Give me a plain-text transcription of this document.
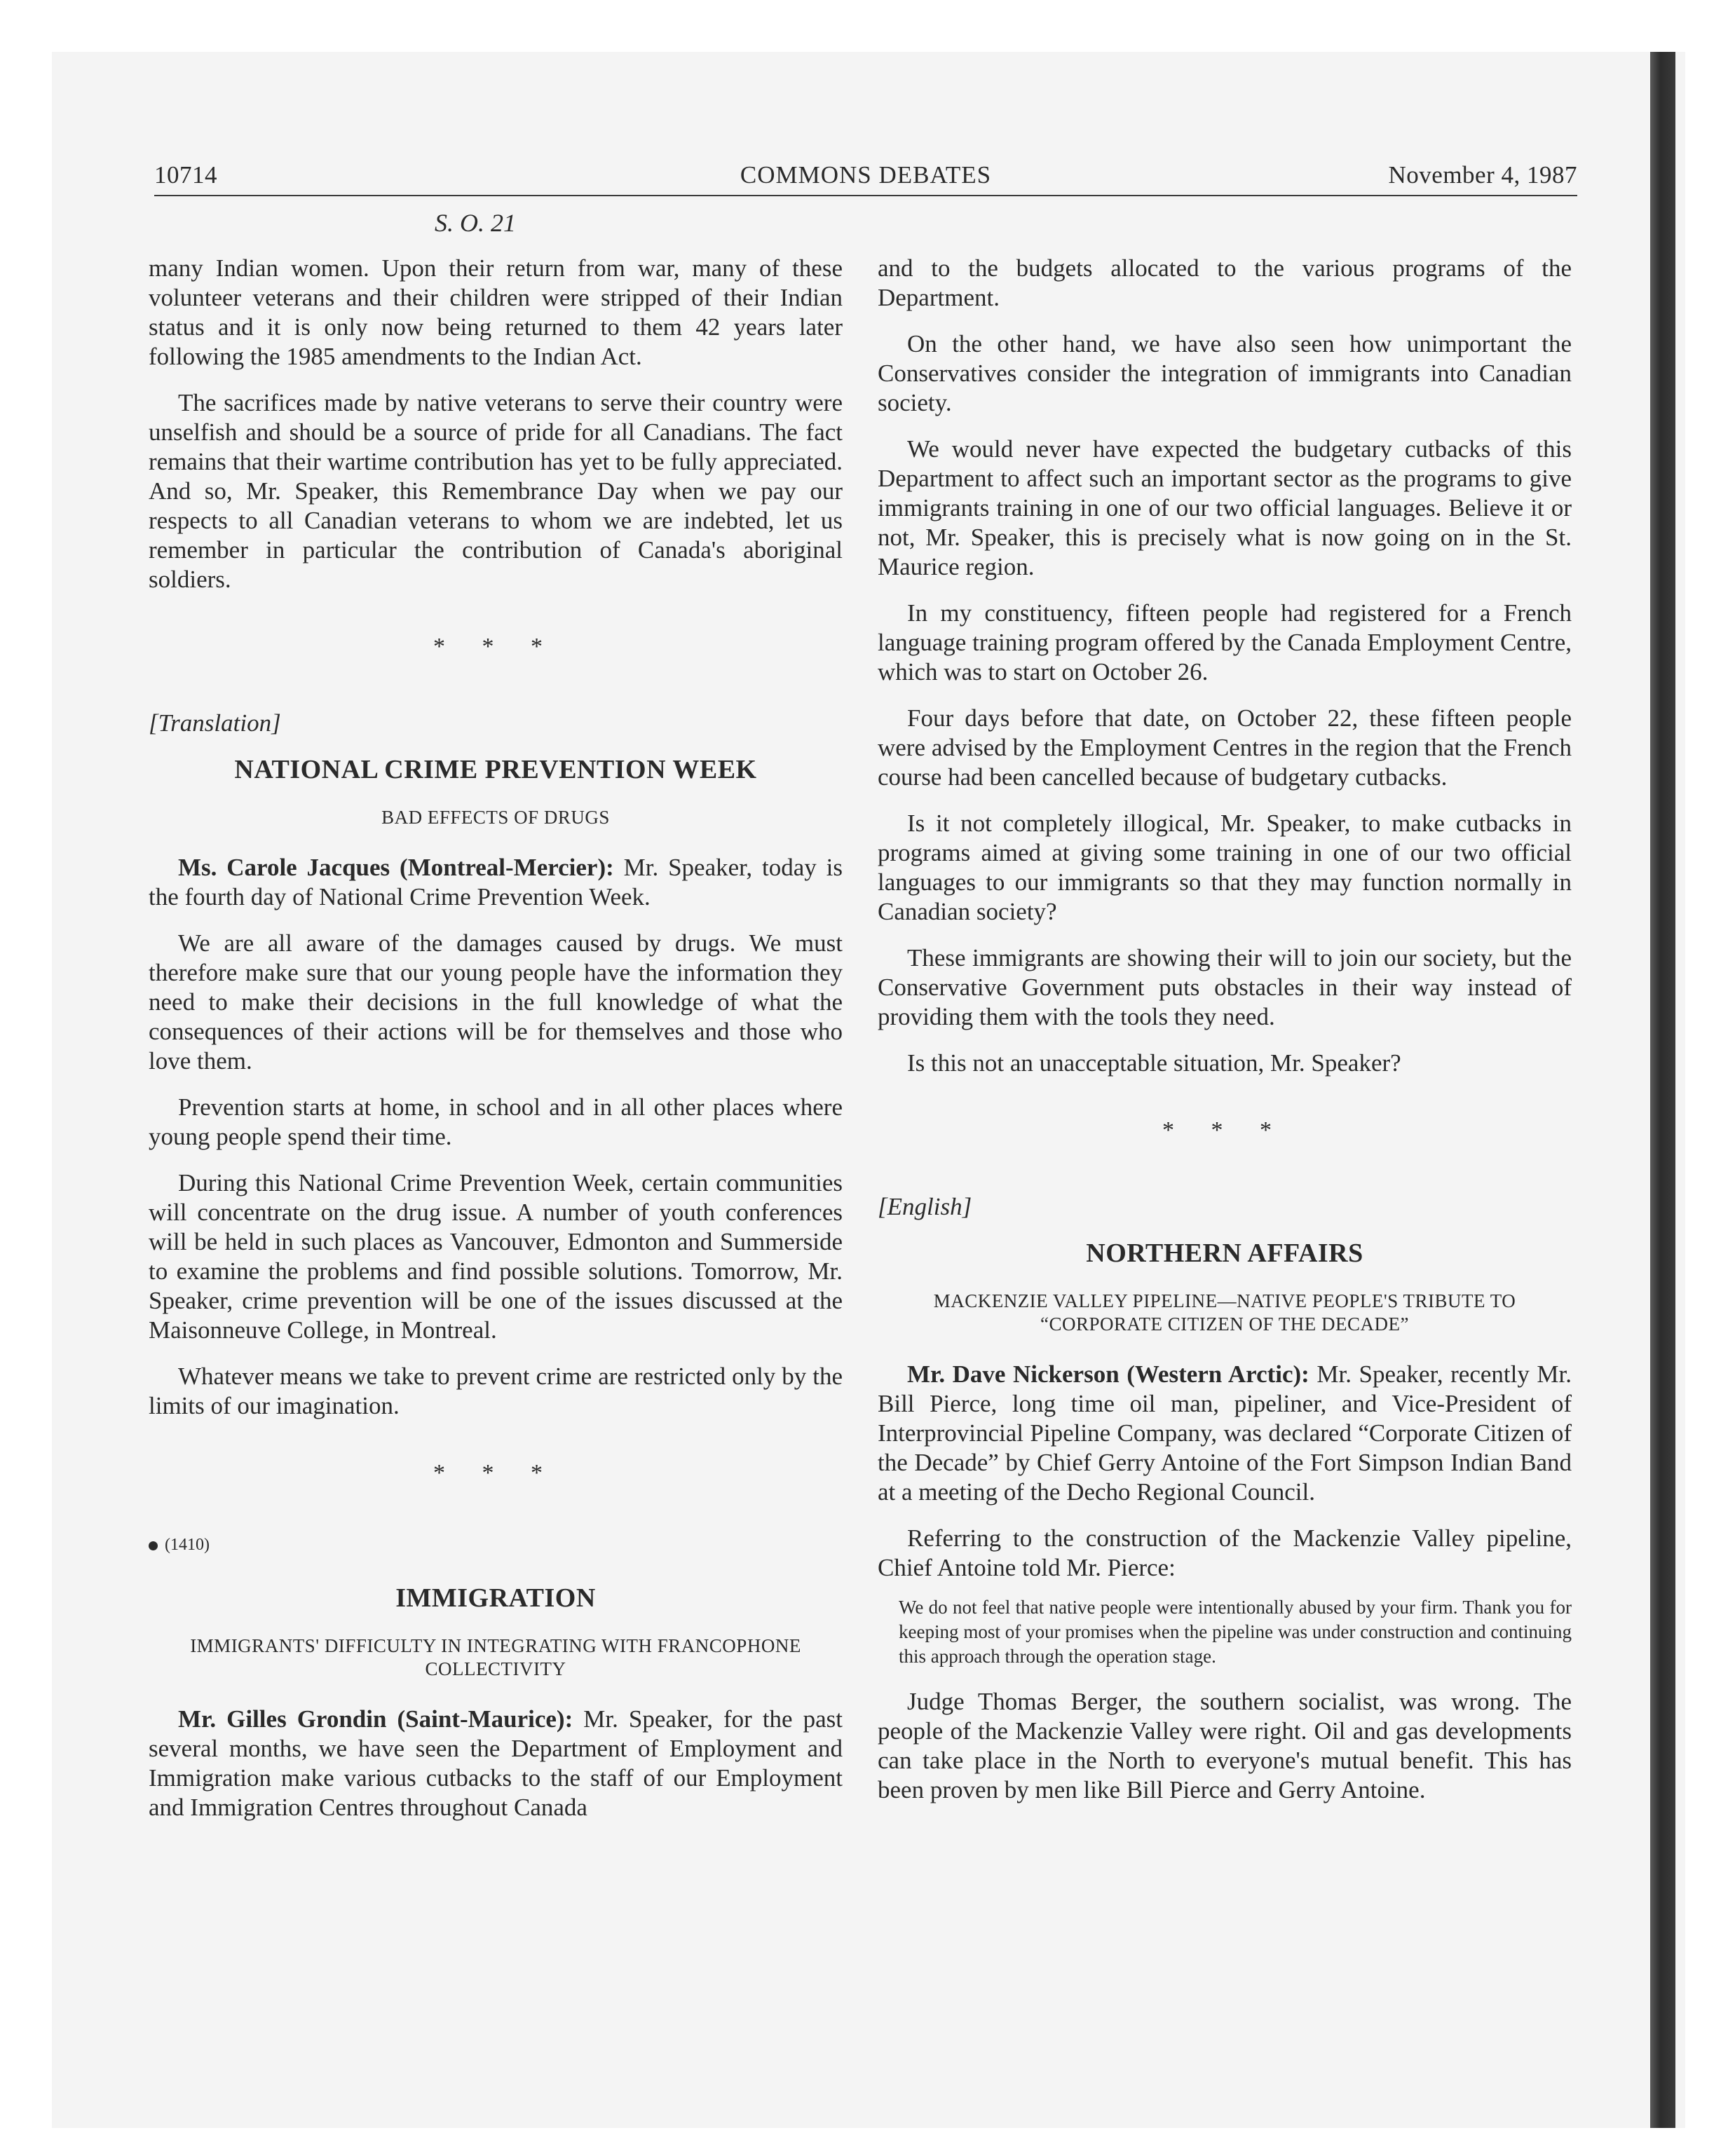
10714	COMMONS DEBATES	November 4, 1987
S. O. 21

many Indian women. Upon their return from war, many of these volunteer veterans and their children were stripped of their Indian status and it is only now being returned to them 42 years later following the 1985 amendments to the Indian Act.

The sacrifices made by native veterans to serve their country were unselfish and should be a source of pride for all Canadians. The fact remains that their wartime contribution has yet to be fully appreciated. And so, Mr. Speaker, this Remembrance Day when we pay our respects to all Canadian veterans to whom we are indebted, let us remember in particular the contribution of Canada's aboriginal soldiers.

* * *
[Translation]
NATIONAL CRIME PREVENTION WEEK
BAD EFFECTS OF DRUGS

Ms. Carole Jacques (Montreal-Mercier): Mr. Speaker, today is the fourth day of National Crime Prevention Week.

We are all aware of the damages caused by drugs. We must therefore make sure that our young people have the information they need to make their decisions in the full knowledge of what the consequences of their actions will be for themselves and those who love them.

Prevention starts at home, in school and in all other places where young people spend their time.

During this National Crime Prevention Week, certain communities will concentrate on the drug issue. A number of youth conferences will be held in such places as Vancouver, Edmonton and Summerside to examine the problems and find possible solutions. Tomorrow, Mr. Speaker, crime prevention will be one of the issues discussed at the Maisonneuve College, in Montreal.

Whatever means we take to prevent crime are restricted only by the limits of our imagination.

* * *
(1410)
IMMIGRATION
IMMIGRANTS' DIFFICULTY IN INTEGRATING WITH FRANCOPHONE COLLECTIVITY

Mr. Gilles Grondin (Saint-Maurice): Mr. Speaker, for the past several months, we have seen the Department of Employment and Immigration make various cutbacks to the staff of our Employment and Immigration Centres throughout Canada

and to the budgets allocated to the various programs of the Department.

On the other hand, we have also seen how unimportant the Conservatives consider the integration of immigrants into Canadian society.

We would never have expected the budgetary cutbacks of this Department to affect such an important sector as the programs to give immigrants training in one of our two official languages. Believe it or not, Mr. Speaker, this is precisely what is now going on in the St. Maurice region.

In my constituency, fifteen people had registered for a French language training program offered by the Canada Employment Centre, which was to start on October 26.

Four days before that date, on October 22, these fifteen people were advised by the Employment Centres in the region that the French course had been cancelled because of budgetary cutbacks.

Is it not completely illogical, Mr. Speaker, to make cutbacks in programs aimed at giving some training in one of our two official languages to our immigrants so that they may function normally in Canadian society?

These immigrants are showing their will to join our society, but the Conservative Government puts obstacles in their way instead of providing them with the tools they need.

Is this not an unacceptable situation, Mr. Speaker?

* * *
[English]
NORTHERN AFFAIRS
MACKENZIE VALLEY PIPELINE—NATIVE PEOPLE'S TRIBUTE TO “CORPORATE CITIZEN OF THE DECADE”

Mr. Dave Nickerson (Western Arctic): Mr. Speaker, recently Mr. Bill Pierce, long time oil man, pipeliner, and Vice-President of Interprovincial Pipeline Company, was declared “Corporate Citizen of the Decade” by Chief Gerry Antoine of the Fort Simpson Indian Band at a meeting of the Decho Regional Council.

Referring to the construction of the Mackenzie Valley pipeline, Chief Antoine told Mr. Pierce:

We do not feel that native people were intentionally abused by your firm. Thank you for keeping most of your promises when the pipeline was under construction and continuing this approach through the operation stage.

Judge Thomas Berger, the southern socialist, was wrong. The people of the Mackenzie Valley were right. Oil and gas developments can take place in the North to everyone's mutual benefit. This has been proven by men like Bill Pierce and Gerry Antoine.
